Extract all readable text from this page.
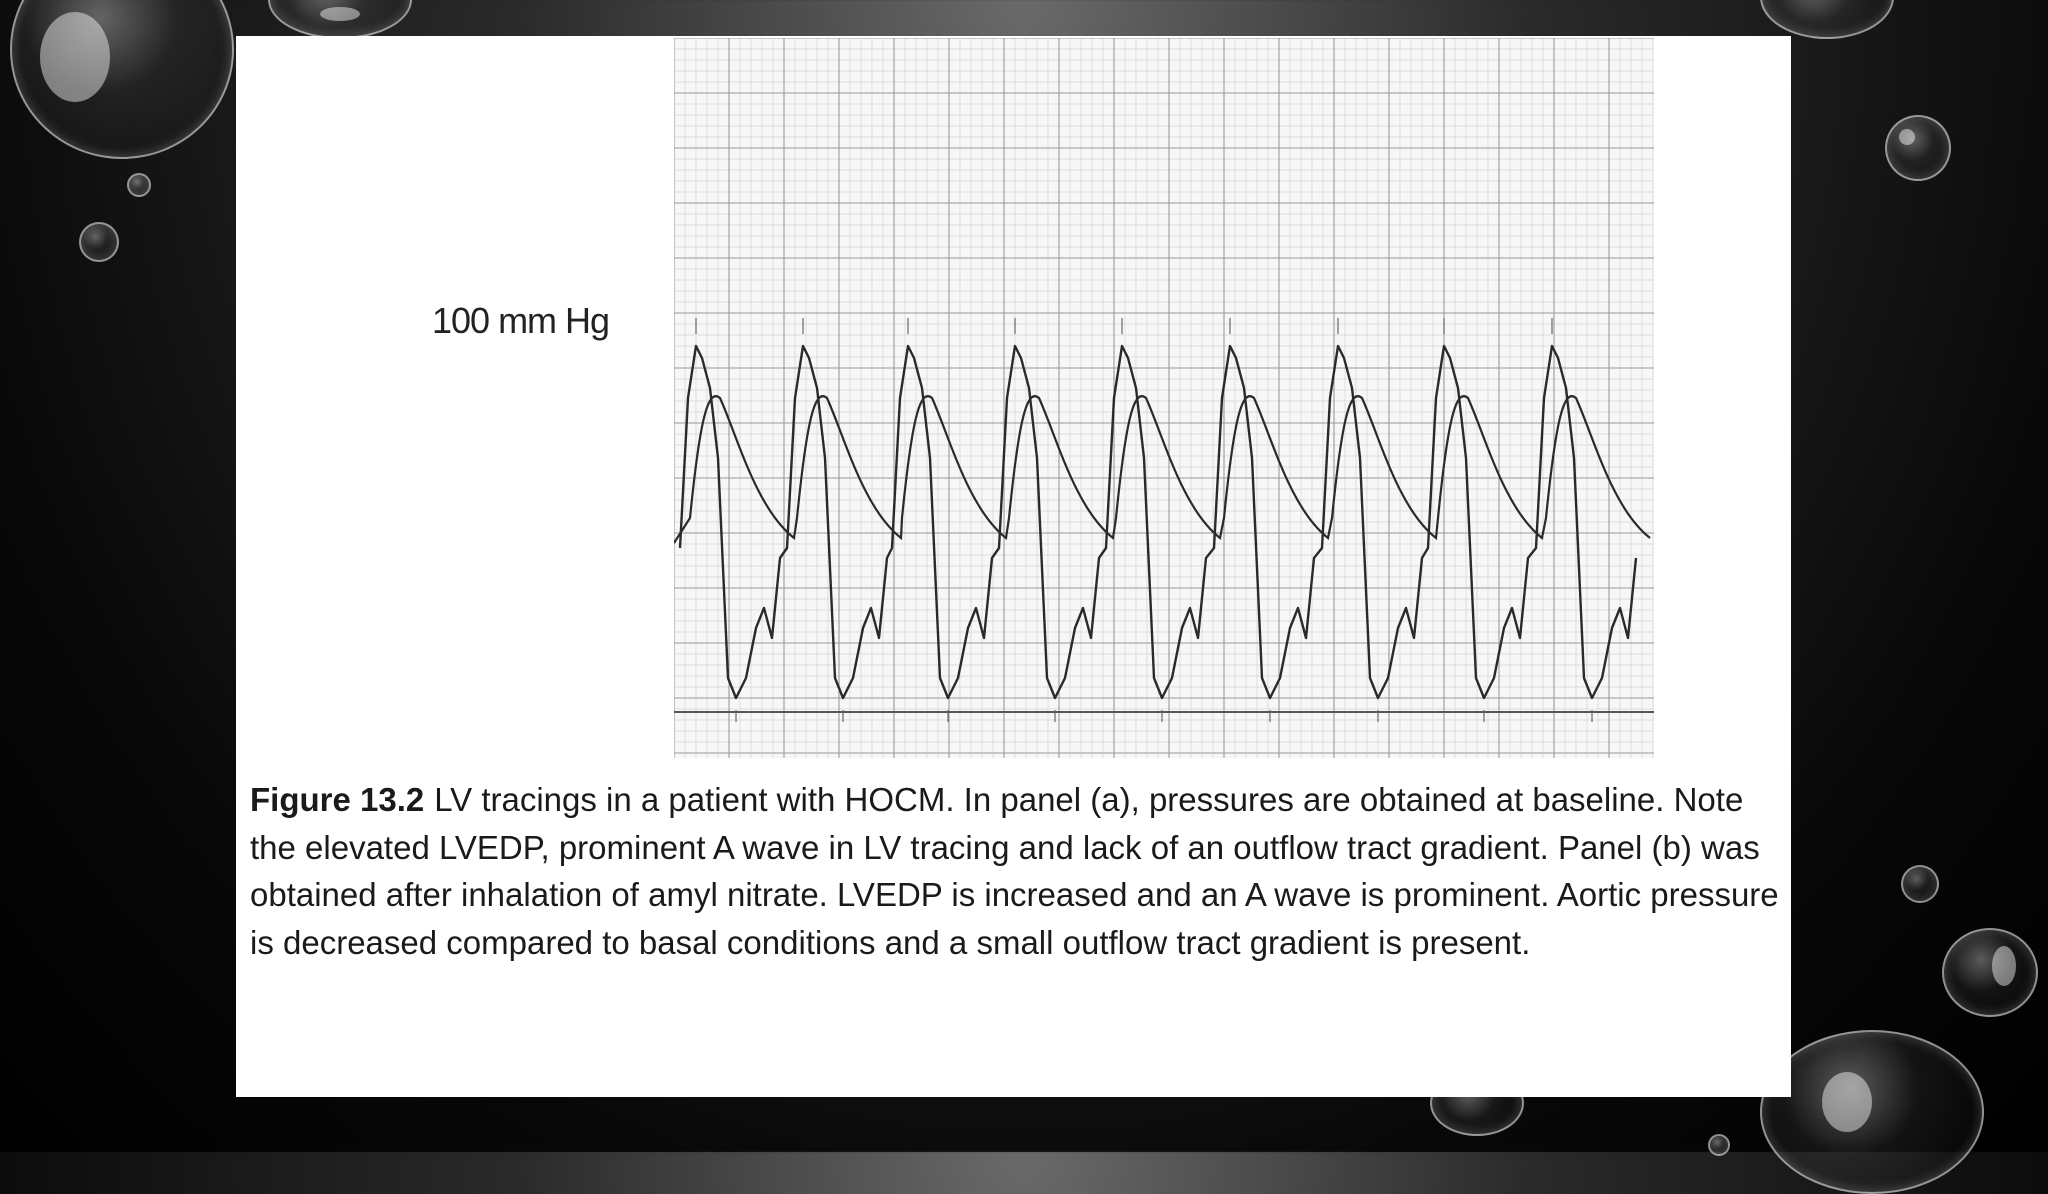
100 mm Hg
Figure 13.2 LV tracings in a patient with HOCM. In panel (a), pressures are obtained at baseline. Note the elevated LVEDP, prominent A wave in LV tracing and lack of an outflow tract gradient. Panel (b) was obtained after inhalation of amyl nitrate. LVEDP is increased and an A wave is prominent. Aortic pressure is decreased compared to basal conditions and a small outflow tract gradient is present.
